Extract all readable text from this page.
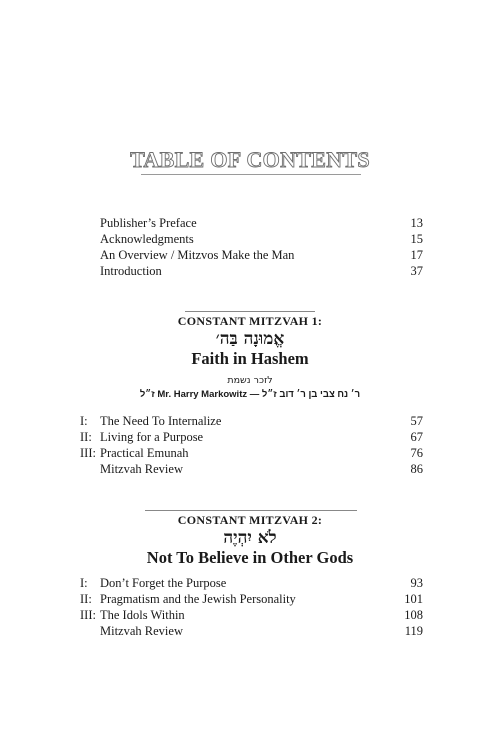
TABLE OF CONTENTS
Publisher’s Preface	13
Acknowledgments	15
An Overview / Mitzvos Make the Man	17
Introduction	37
CONSTANT MITZVAH 1:
אֱמוּנָה בַּה׳
Faith in Hashem
לזכר נשמת
ז״ל Mr. Harry Markowitz — ר׳ נח צבי בן ר׳ דוב ז״ל
I: The Need To Internalize	57
II: Living for a Purpose	67
III: Practical Emunah	76
Mitzvah Review	86
CONSTANT MITZVAH 2:
לֹא יִהְיֶה
Not To Believe in Other Gods
I: Don’t Forget the Purpose	93
II: Pragmatism and the Jewish Personality	101
III: The Idols Within	108
Mitzvah Review	119
